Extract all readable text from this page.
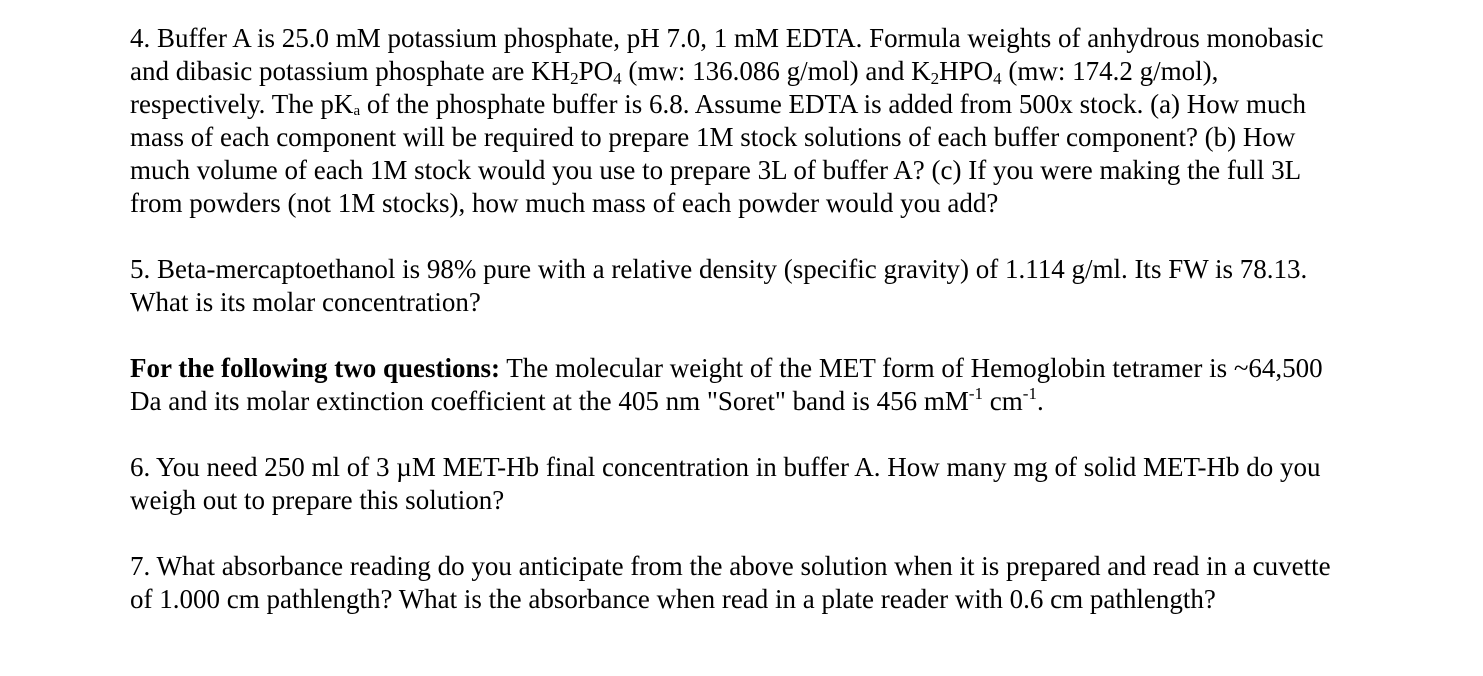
4. Buffer A is 25.0 mM potassium phosphate, pH 7.0, 1 mM EDTA. Formula weights of anhydrous monobasic and dibasic potassium phosphate are $KH_2PO_4$ (mw: 136.086 g/mol) and $K_2HPO_4$ (mw: 174.2 g/mol), respectively. The pKa of the phosphate buffer is 6.8. Assume EDTA is added from 500x stock. (a) How much mass of each component will be required to prepare 1M stock solutions of each buffer component? (b) How much volume of each 1M stock would you use to prepare 3L of buffer A? (c) If you were making the full 3L from powders (not 1M stocks), how much mass of each powder would you add?

5. Beta-mercaptoethanol is 98% pure with a relative density (specific gravity) of 1.114 g/ml. Its FW is 78.13. What is its molar concentration?

For the following two questions: The molecular weight of the MET form of Hemoglobin tetramer is ~64,500 Da and its molar extinction coefficient at the 405 nm "Soret" band is 456 $mM^{-1}$ $cm^{-1}$.

6. You need 250 ml of 3 µM MET-Hb final concentration in buffer A. How many mg of solid MET-Hb do you weigh out to prepare this solution?

7. What absorbance reading do you anticipate from the above solution when it is prepared and read in a cuvette of 1.000 cm pathlength? What is the absorbance when read in a plate reader with 0.6 cm pathlength?
